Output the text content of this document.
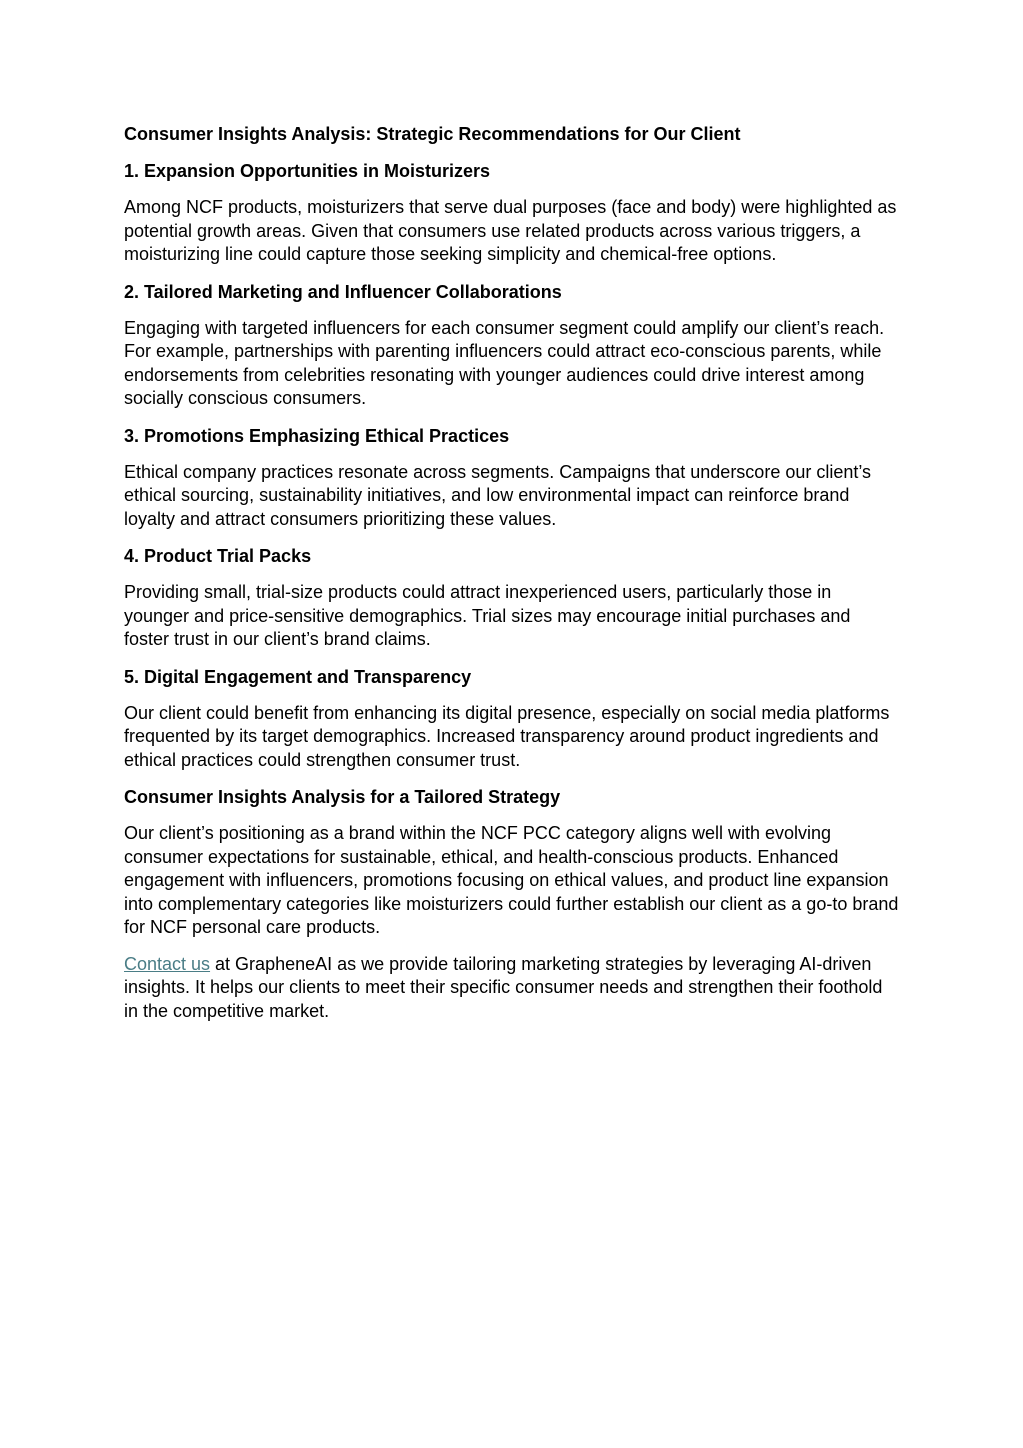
Consumer Insights Analysis: Strategic Recommendations for Our Client
1. Expansion Opportunities in Moisturizers
Among NCF products, moisturizers that serve dual purposes (face and body) were highlighted as potential growth areas. Given that consumers use related products across various triggers, a moisturizing line could capture those seeking simplicity and chemical-free options.
2. Tailored Marketing and Influencer Collaborations
Engaging with targeted influencers for each consumer segment could amplify our client’s reach. For example, partnerships with parenting influencers could attract eco-conscious parents, while endorsements from celebrities resonating with younger audiences could drive interest among socially conscious consumers.
3. Promotions Emphasizing Ethical Practices
Ethical company practices resonate across segments. Campaigns that underscore our client’s ethical sourcing, sustainability initiatives, and low environmental impact can reinforce brand loyalty and attract consumers prioritizing these values.
4. Product Trial Packs
Providing small, trial-size products could attract inexperienced users, particularly those in younger and price-sensitive demographics. Trial sizes may encourage initial purchases and foster trust in our client’s brand claims.
5. Digital Engagement and Transparency
Our client could benefit from enhancing its digital presence, especially on social media platforms frequented by its target demographics. Increased transparency around product ingredients and ethical practices could strengthen consumer trust.
Consumer Insights Analysis for a Tailored Strategy
Our client’s positioning as a brand within the NCF PCC category aligns well with evolving consumer expectations for sustainable, ethical, and health-conscious products. Enhanced engagement with influencers, promotions focusing on ethical values, and product line expansion into complementary categories like moisturizers could further establish our client as a go-to brand for NCF personal care products.
Contact us at GrapheneAI as we provide tailoring marketing strategies by leveraging AI-driven insights. It helps our clients to meet their specific consumer needs and strengthen their foothold in the competitive market.
